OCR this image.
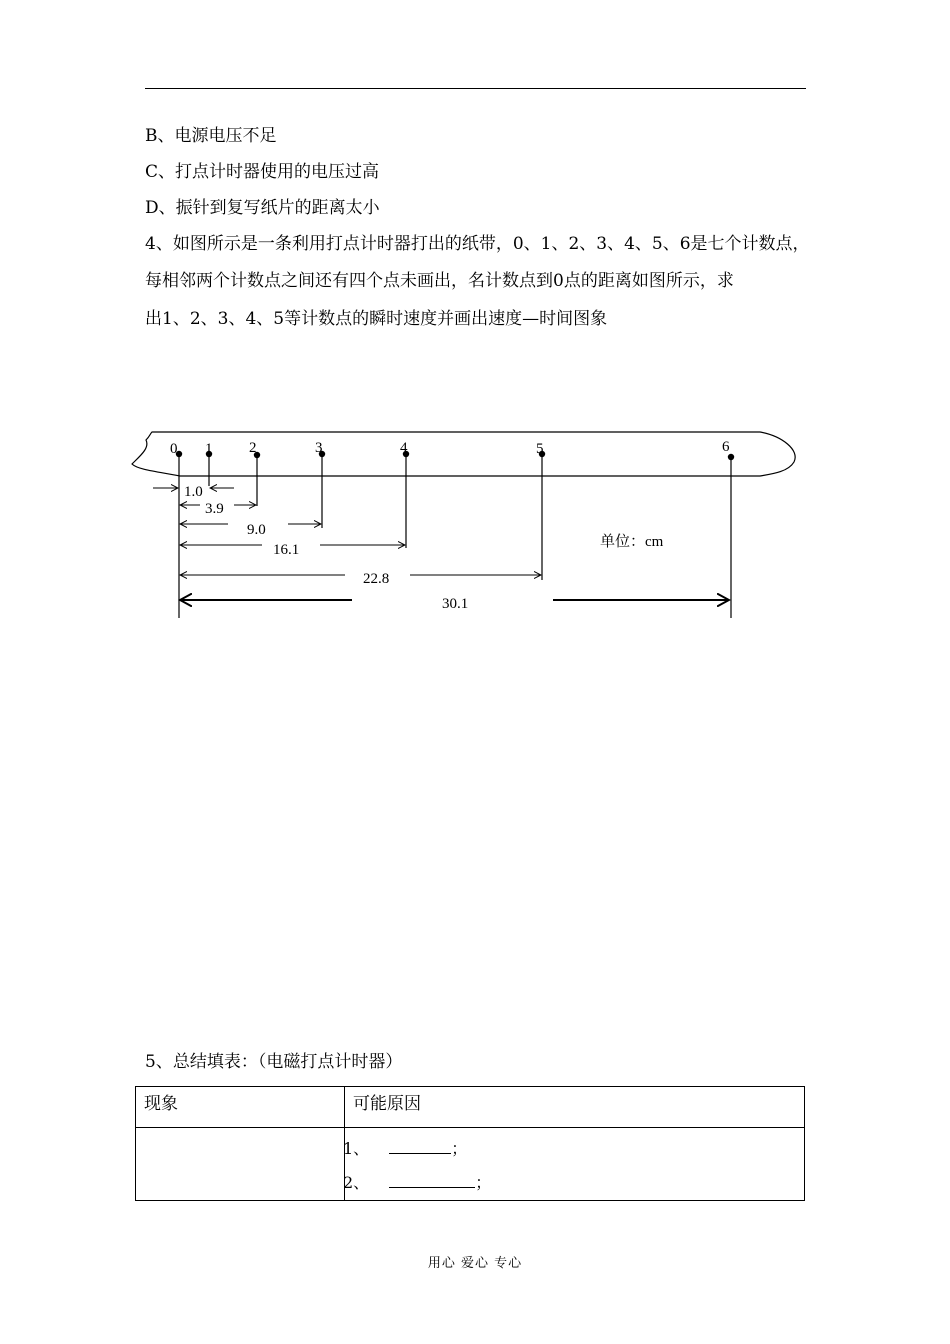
B、电源电压不足
C、打点计时器使用的电压过高
D、振针到复写纸片的距离太小
4、如图所示是一条利用打点计时器打出的纸带，0、1、2、3、4、5、6是七个计数点，
每相邻两个计数点之间还有四个点未画出，名计数点到0点的距离如图所示，求
出1、2、3、4、5等计数点的瞬时速度并画出速度—时间图象
0 1 2	3	4	5	6
1.0
3.9
9.0
16.1
22.8
30.1
单位：cm
5、总结填表：（电磁打点计时器）
现象	可能原因

	1、 ；
2、 ；
用心 爱心 专心
